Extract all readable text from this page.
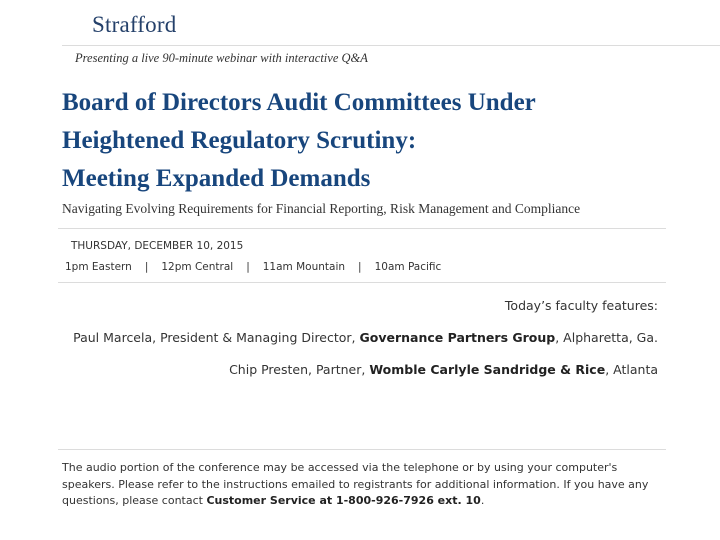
Strafford
Presenting a live 90-minute webinar with interactive Q&A
Board of Directors Audit Committees Under
Heightened Regulatory Scrutiny:
Meeting Expanded Demands
Navigating Evolving Requirements for Financial Reporting, Risk Management and Compliance
THURSDAY, DECEMBER 10, 2015
1pm Eastern | 12pm Central | 11am Mountain | 10am Pacific
Today’s faculty features:
Paul Marcela, President & Managing Director, Governance Partners Group, Alpharetta, Ga.
Chip Presten, Partner, Womble Carlyle Sandridge & Rice, Atlanta
The audio portion of the conference may be accessed via the telephone or by using your computer's speakers. Please refer to the instructions emailed to registrants for additional information. If you have any questions, please contact Customer Service at 1-800-926-7926 ext. 10.
